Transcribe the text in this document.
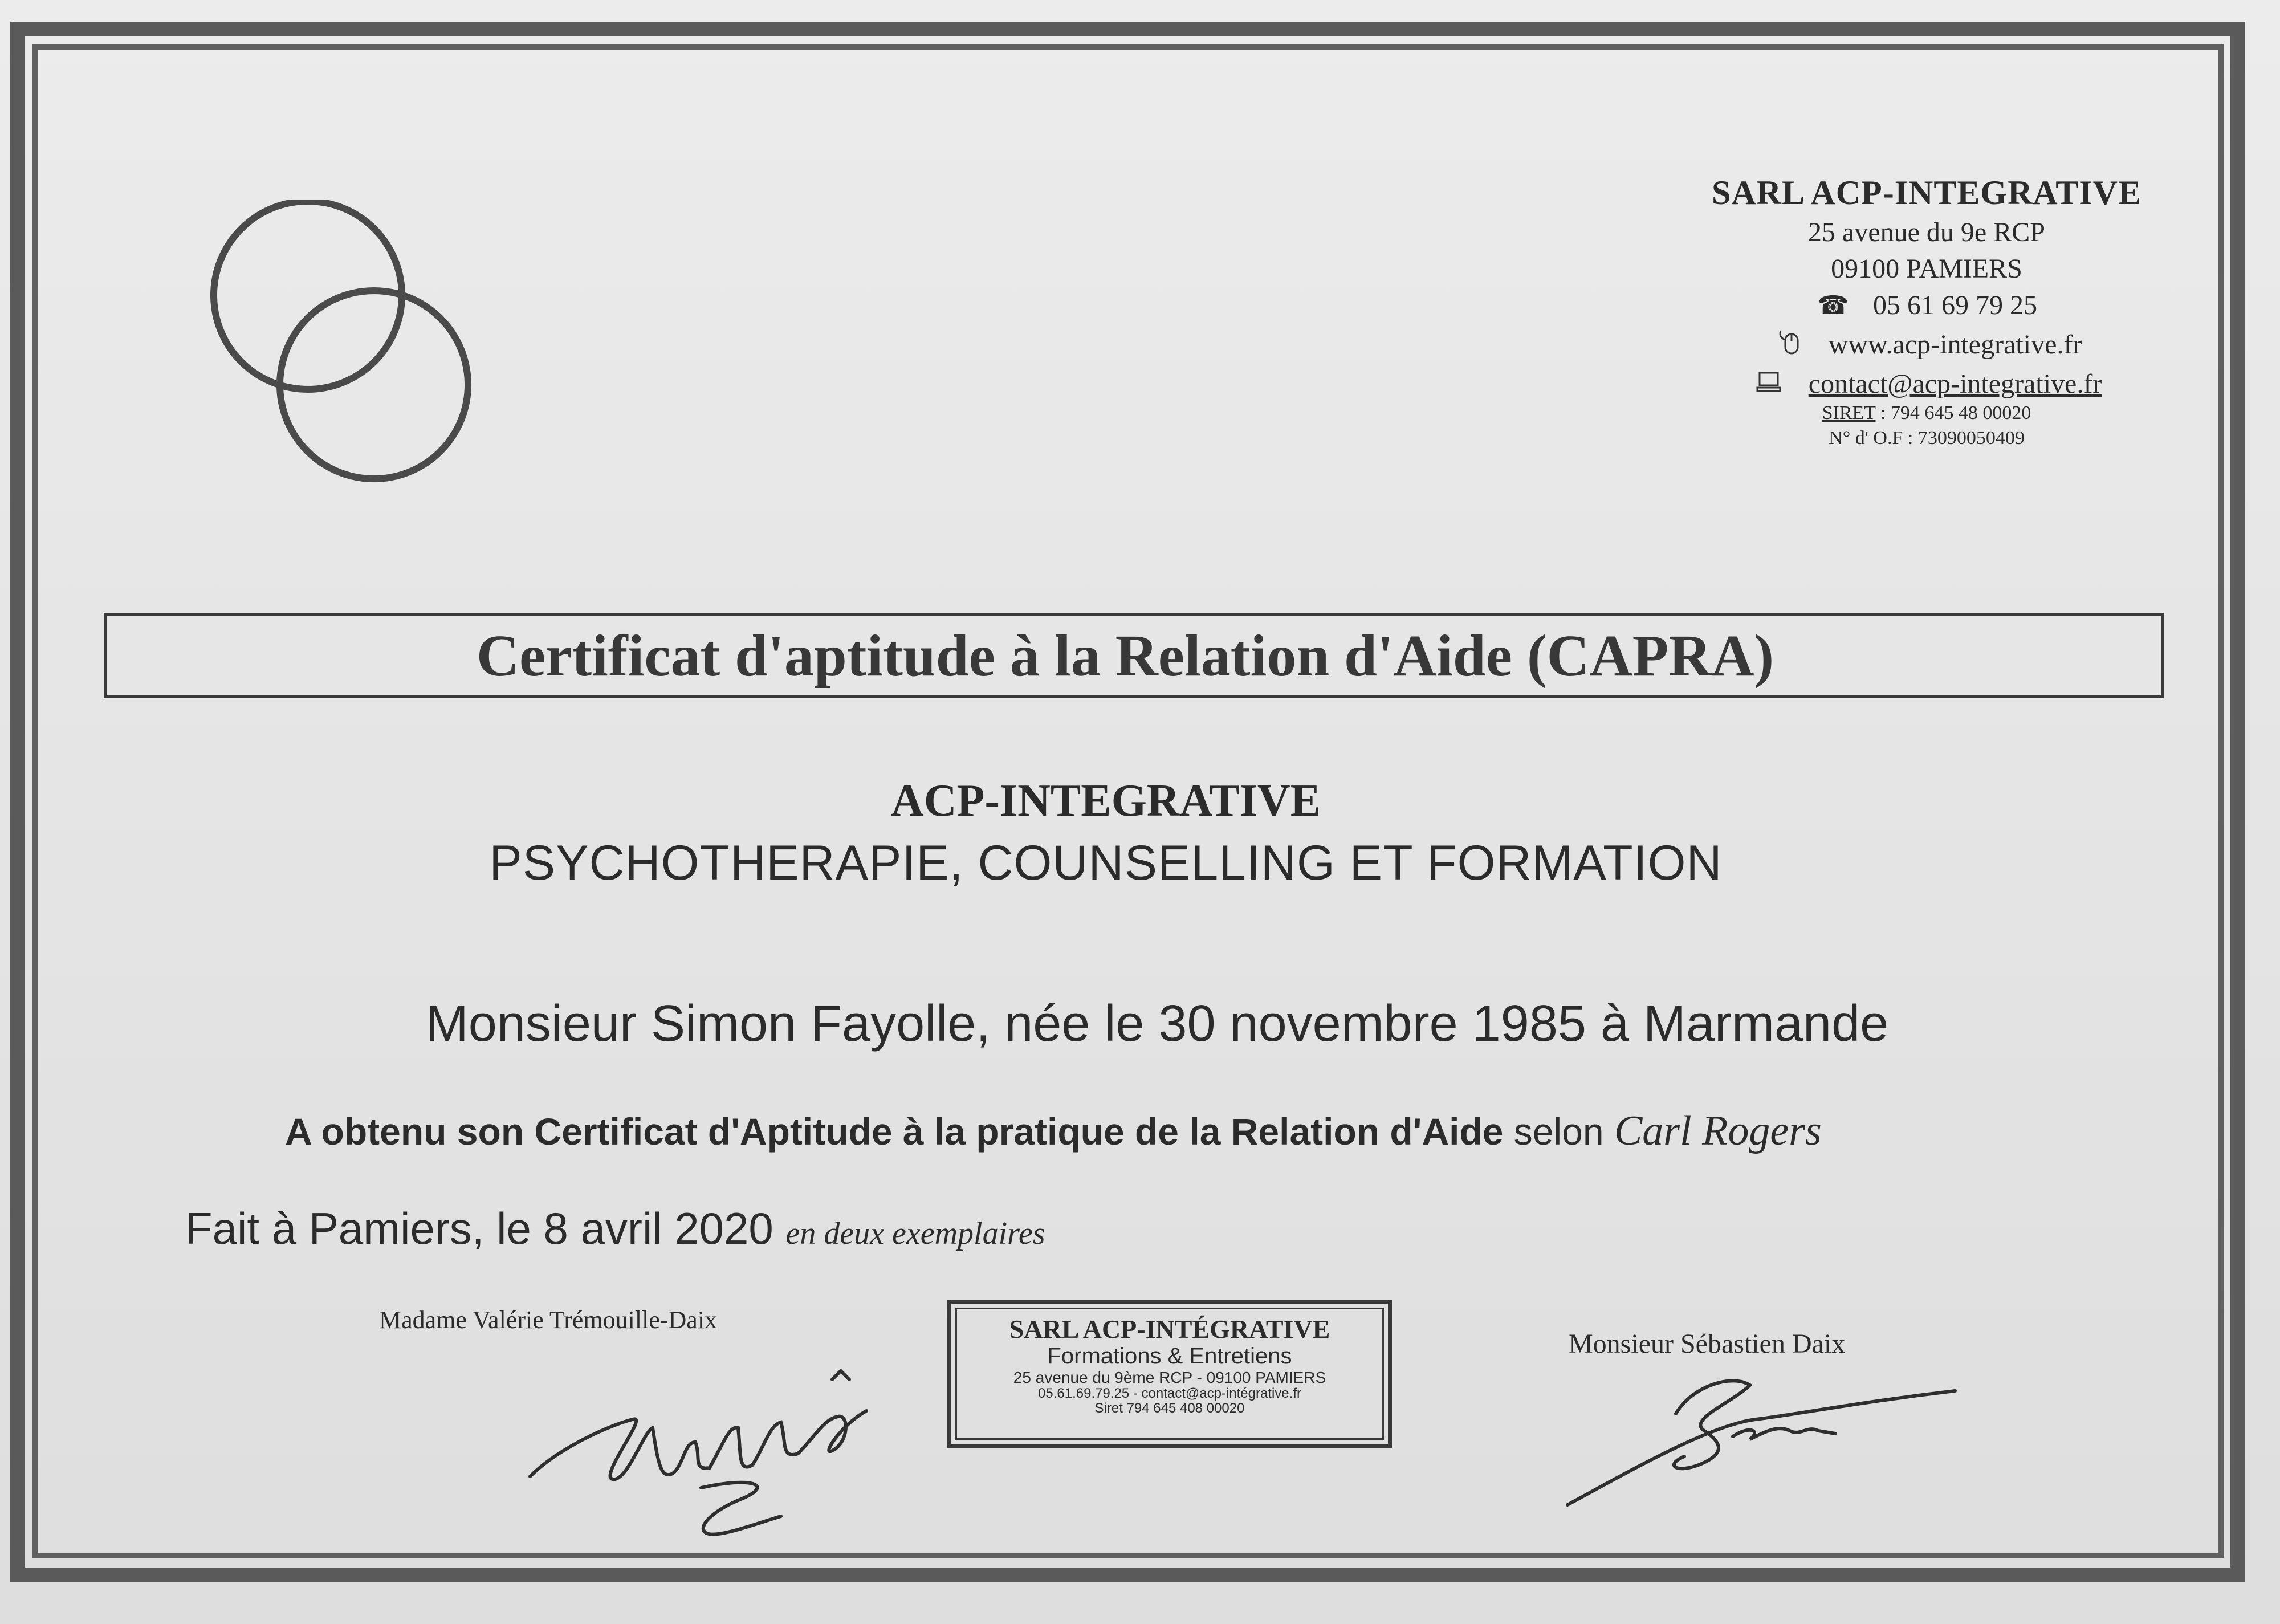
SARL ACP-INTEGRATIVE
25 avenue du 9e RCP
09100 PAMIERS
☎ 05 61 69 79 25
www.acp-integrative.fr
contact@acp-integrative.fr
SIRET : 794 645 48 00020
N° d' O.F : 73090050409
Certificat d'aptitude à la Relation d'Aide (CAPRA)
ACP-INTEGRATIVE
PSYCHOTHERAPIE, COUNSELLING ET FORMATION
Monsieur Simon Fayolle, née le 30 novembre 1985 à Marmande
A obtenu son Certificat d'Aptitude à la pratique de la Relation d'Aide selon Carl Rogers
Fait à Pamiers, le 8 avril 2020 en deux exemplaires
Madame Valérie Trémouille-Daix
Monsieur Sébastien Daix
SARL ACP-INTÉGRATIVE
Formations & Entretiens
25 avenue du 9ème RCP - 09100 PAMIERS
05.61.69.79.25 - contact@acp-intégrative.fr
Siret 794 645 408 00020
